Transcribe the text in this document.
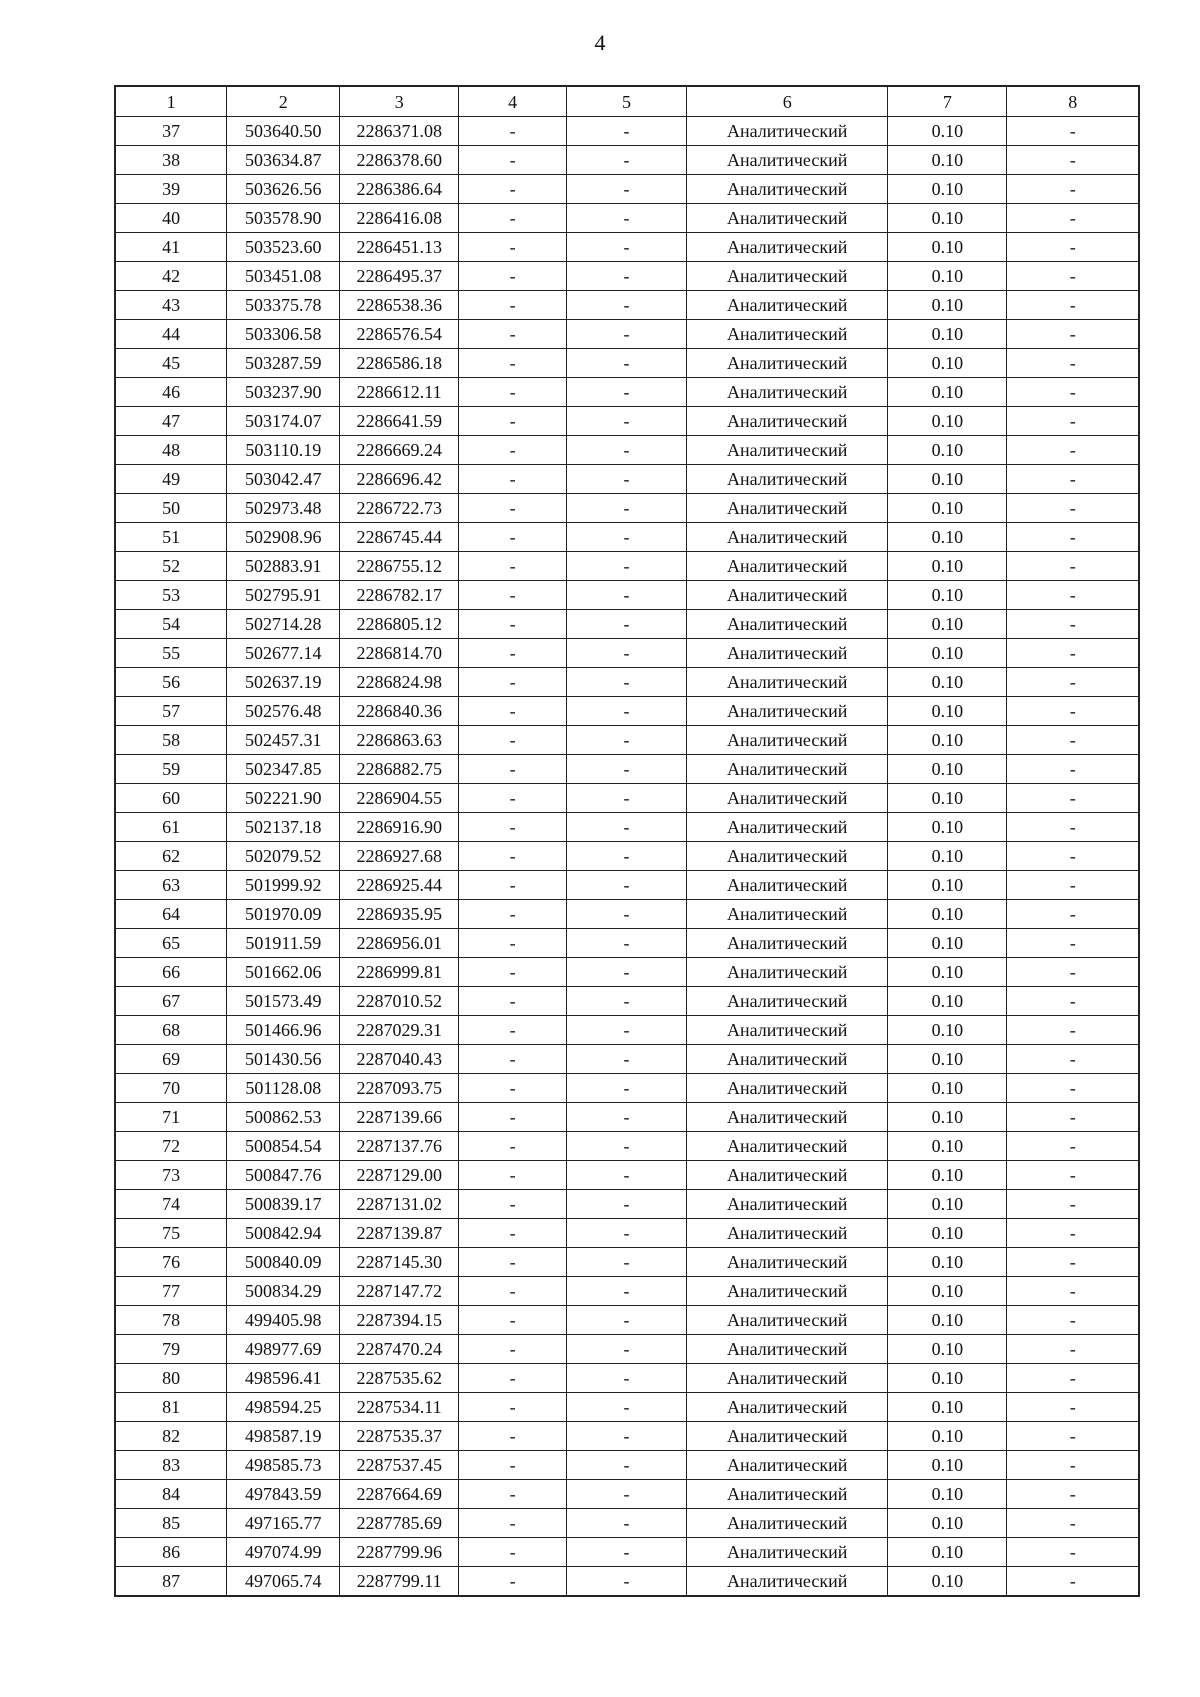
4
1	2	3	4	5	6	7	8
37	503640.50	2286371.08	-	-	Аналитический	0.10	-
38	503634.87	2286378.60	-	-	Аналитический	0.10	-
39	503626.56	2286386.64	-	-	Аналитический	0.10	-
40	503578.90	2286416.08	-	-	Аналитический	0.10	-
41	503523.60	2286451.13	-	-	Аналитический	0.10	-
42	503451.08	2286495.37	-	-	Аналитический	0.10	-
43	503375.78	2286538.36	-	-	Аналитический	0.10	-
44	503306.58	2286576.54	-	-	Аналитический	0.10	-
45	503287.59	2286586.18	-	-	Аналитический	0.10	-
46	503237.90	2286612.11	-	-	Аналитический	0.10	-
47	503174.07	2286641.59	-	-	Аналитический	0.10	-
48	503110.19	2286669.24	-	-	Аналитический	0.10	-
49	503042.47	2286696.42	-	-	Аналитический	0.10	-
50	502973.48	2286722.73	-	-	Аналитический	0.10	-
51	502908.96	2286745.44	-	-	Аналитический	0.10	-
52	502883.91	2286755.12	-	-	Аналитический	0.10	-
53	502795.91	2286782.17	-	-	Аналитический	0.10	-
54	502714.28	2286805.12	-	-	Аналитический	0.10	-
55	502677.14	2286814.70	-	-	Аналитический	0.10	-
56	502637.19	2286824.98	-	-	Аналитический	0.10	-
57	502576.48	2286840.36	-	-	Аналитический	0.10	-
58	502457.31	2286863.63	-	-	Аналитический	0.10	-
59	502347.85	2286882.75	-	-	Аналитический	0.10	-
60	502221.90	2286904.55	-	-	Аналитический	0.10	-
61	502137.18	2286916.90	-	-	Аналитический	0.10	-
62	502079.52	2286927.68	-	-	Аналитический	0.10	-
63	501999.92	2286925.44	-	-	Аналитический	0.10	-
64	501970.09	2286935.95	-	-	Аналитический	0.10	-
65	501911.59	2286956.01	-	-	Аналитический	0.10	-
66	501662.06	2286999.81	-	-	Аналитический	0.10	-
67	501573.49	2287010.52	-	-	Аналитический	0.10	-
68	501466.96	2287029.31	-	-	Аналитический	0.10	-
69	501430.56	2287040.43	-	-	Аналитический	0.10	-
70	501128.08	2287093.75	-	-	Аналитический	0.10	-
71	500862.53	2287139.66	-	-	Аналитический	0.10	-
72	500854.54	2287137.76	-	-	Аналитический	0.10	-
73	500847.76	2287129.00	-	-	Аналитический	0.10	-
74	500839.17	2287131.02	-	-	Аналитический	0.10	-
75	500842.94	2287139.87	-	-	Аналитический	0.10	-
76	500840.09	2287145.30	-	-	Аналитический	0.10	-
77	500834.29	2287147.72	-	-	Аналитический	0.10	-
78	499405.98	2287394.15	-	-	Аналитический	0.10	-
79	498977.69	2287470.24	-	-	Аналитический	0.10	-
80	498596.41	2287535.62	-	-	Аналитический	0.10	-
81	498594.25	2287534.11	-	-	Аналитический	0.10	-
82	498587.19	2287535.37	-	-	Аналитический	0.10	-
83	498585.73	2287537.45	-	-	Аналитический	0.10	-
84	497843.59	2287664.69	-	-	Аналитический	0.10	-
85	497165.77	2287785.69	-	-	Аналитический	0.10	-
86	497074.99	2287799.96	-	-	Аналитический	0.10	-
87	497065.74	2287799.11	-	-	Аналитический	0.10	-
